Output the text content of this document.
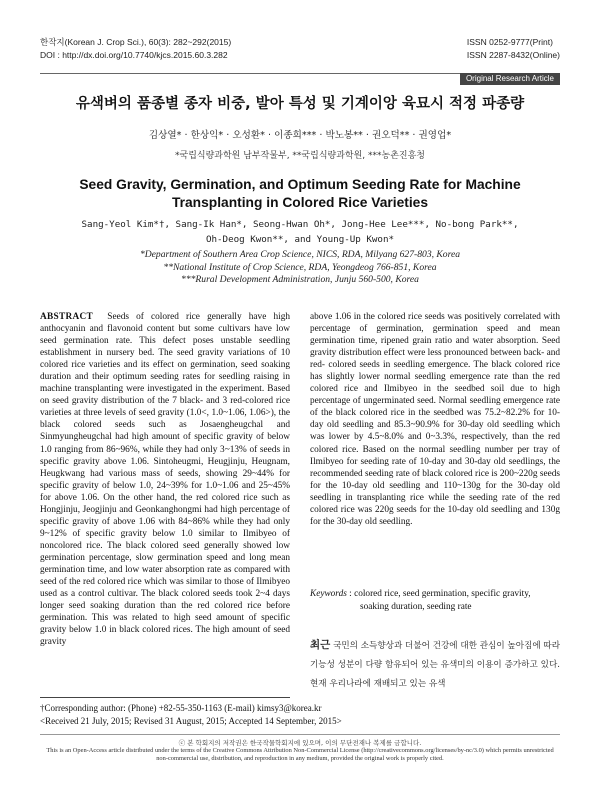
한작지(Korean J. Crop Sci.), 60(3): 282~292(2015)
DOI : http://dx.doi.org/10.7740/kjcs.2015.60.3.282
ISSN 0252-9777(Print)
ISSN 2287-8432(Online)
Original Research Article
유색벼의 품종별 종자 비중, 발아 특성 및 기계이앙 육묘시 적정 파종량
김상열* · 한상익* · 오성환* · 이종희*** · 박노봉** · 권오덕** · 권영업*
*국립식량과학원 남부작물부, **국립식량과학원, ***농촌진흥청
Seed Gravity, Germination, and Optimum Seeding Rate for Machine Transplanting in Colored Rice Varieties
Sang-Yeol Kim*†, Sang-Ik Han*, Seong-Hwan Oh*, Jong-Hee Lee***, No-bong Park**,
Oh-Deog Kwon**, and Young-Up Kwon*
*Department of Southern Area Crop Science, NICS, RDA, Milyang 627-803, Korea
**National Institute of Crop Science, RDA, Yeongdeog 766-851, Korea
***Rural Development Administration, Junju 560-500, Korea
ABSTRACT Seeds of colored rice generally have high anthocyanin and flavonoid content but some cultivars have low seed germination rate. This defect poses unstable seedling establishment in nursery bed. The seed gravity variations of 10 colored rice varieties and its effect on germination, seed soaking duration and their optimum seeding rates for seedling raising in machine transplanting were investigated in the experiment. Based on seed gravity distribution of the 7 black- and 3 red-colored rice varieties at three levels of seed gravity (1.0<, 1.0~1.06, 1.06>), the black colored seeds such as Josaengheugchal and Sinmyungheugchal had high amount of specific gravity of below 1.0 ranging from 86~96%, while they had only 3~13% of seeds in specific gravity above 1.06. Sintoheugmi, Heugjinju, Heugnam, Heugkwang had various mass of seeds, showing 29~44% for specific gravity of below 1.0, 24~39% for 1.0~1.06 and 25~45% for above 1.06. On the other hand, the red colored rice such as Hongjinju, Jeogjinju and Geonkanghongmi had high percentage of specific gravity of above 1.06 with 84~86% while they had only 9~12% of specific gravity below 1.0 similar to Ilmibyeo of noncolored rice. The black colored seed generally showed low germination percentage, slow germination speed and long mean germination time, and low water absorption rate as compared with seed of the red colored rice which was similar to those of Ilmibyeo used as a control cultivar. The black colored seeds took 2~4 days longer seed soaking duration than the red colored rice before germination. This was related to high seed amount of specific gravity below 1.0 in black colored rices. The high amount of seed gravity
above 1.06 in the colored rice seeds was positively correlated with percentage of germination, germination speed and mean germination time, ripened grain ratio and water absorption. Seed gravity distribution effect were less pronounced between back- and red- colored seeds in seedling emergence. The black colored rice has slightly lower normal seedling emergence rate than the red colored rice and Ilmibyeo in the seedbed soil due to high percentage of ungerminated seed. Normal seedling emergence rate of the black colored rice in the seedbed was 75.2~82.2% for 10-day old seedling and 85.3~90.9% for 30-day old seedling which was lower by 4.5~8.0% and 0~3.3%, respectively, than the red colored rice. Based on the normal seedling number per tray of Ilmibyeo for seeding rate of 10-day and 30-day old seedlings, the recommended seeding rate of black colored rice is 200~220g seeds for the 10-day old seedling and 110~130g for the 30-day old seedling in transplanting rice while the seeding rate of the red colored rice was 220g seeds for the 10-day old seedling and 130g for the 30-day old seedling.
Keywords : colored rice, seed germination, specific gravity,
soaking duration, seeding rate
최근 국민의 소득향상과 더불어 건강에 대한 관심이 높아짐에 따라 기능성 성분이 다량 함유되어 있는 유색미의 이용이 증가하고 있다. 현재 우리나라에 재배되고 있는 유색
†Corresponding author: (Phone) +82-55-350-1163 (E-mail) kimsy3@korea.kr
<Received 21 July, 2015; Revised 31 August, 2015; Accepted 14 September, 2015>
ⓒ 본 학회지의 저작권은 한국작물학회지에 있으며, 이의 무단전재나 복제를 금합니다.
This is an Open-Access article distributed under the terms of the Creative Commons Attribution Non-Commercial License (http://creativecommons.org/licenses/by-nc/3.0) which permits unrestricted non-commercial use, distribution, and reproduction in any medium, provided the original work is properly cited.
